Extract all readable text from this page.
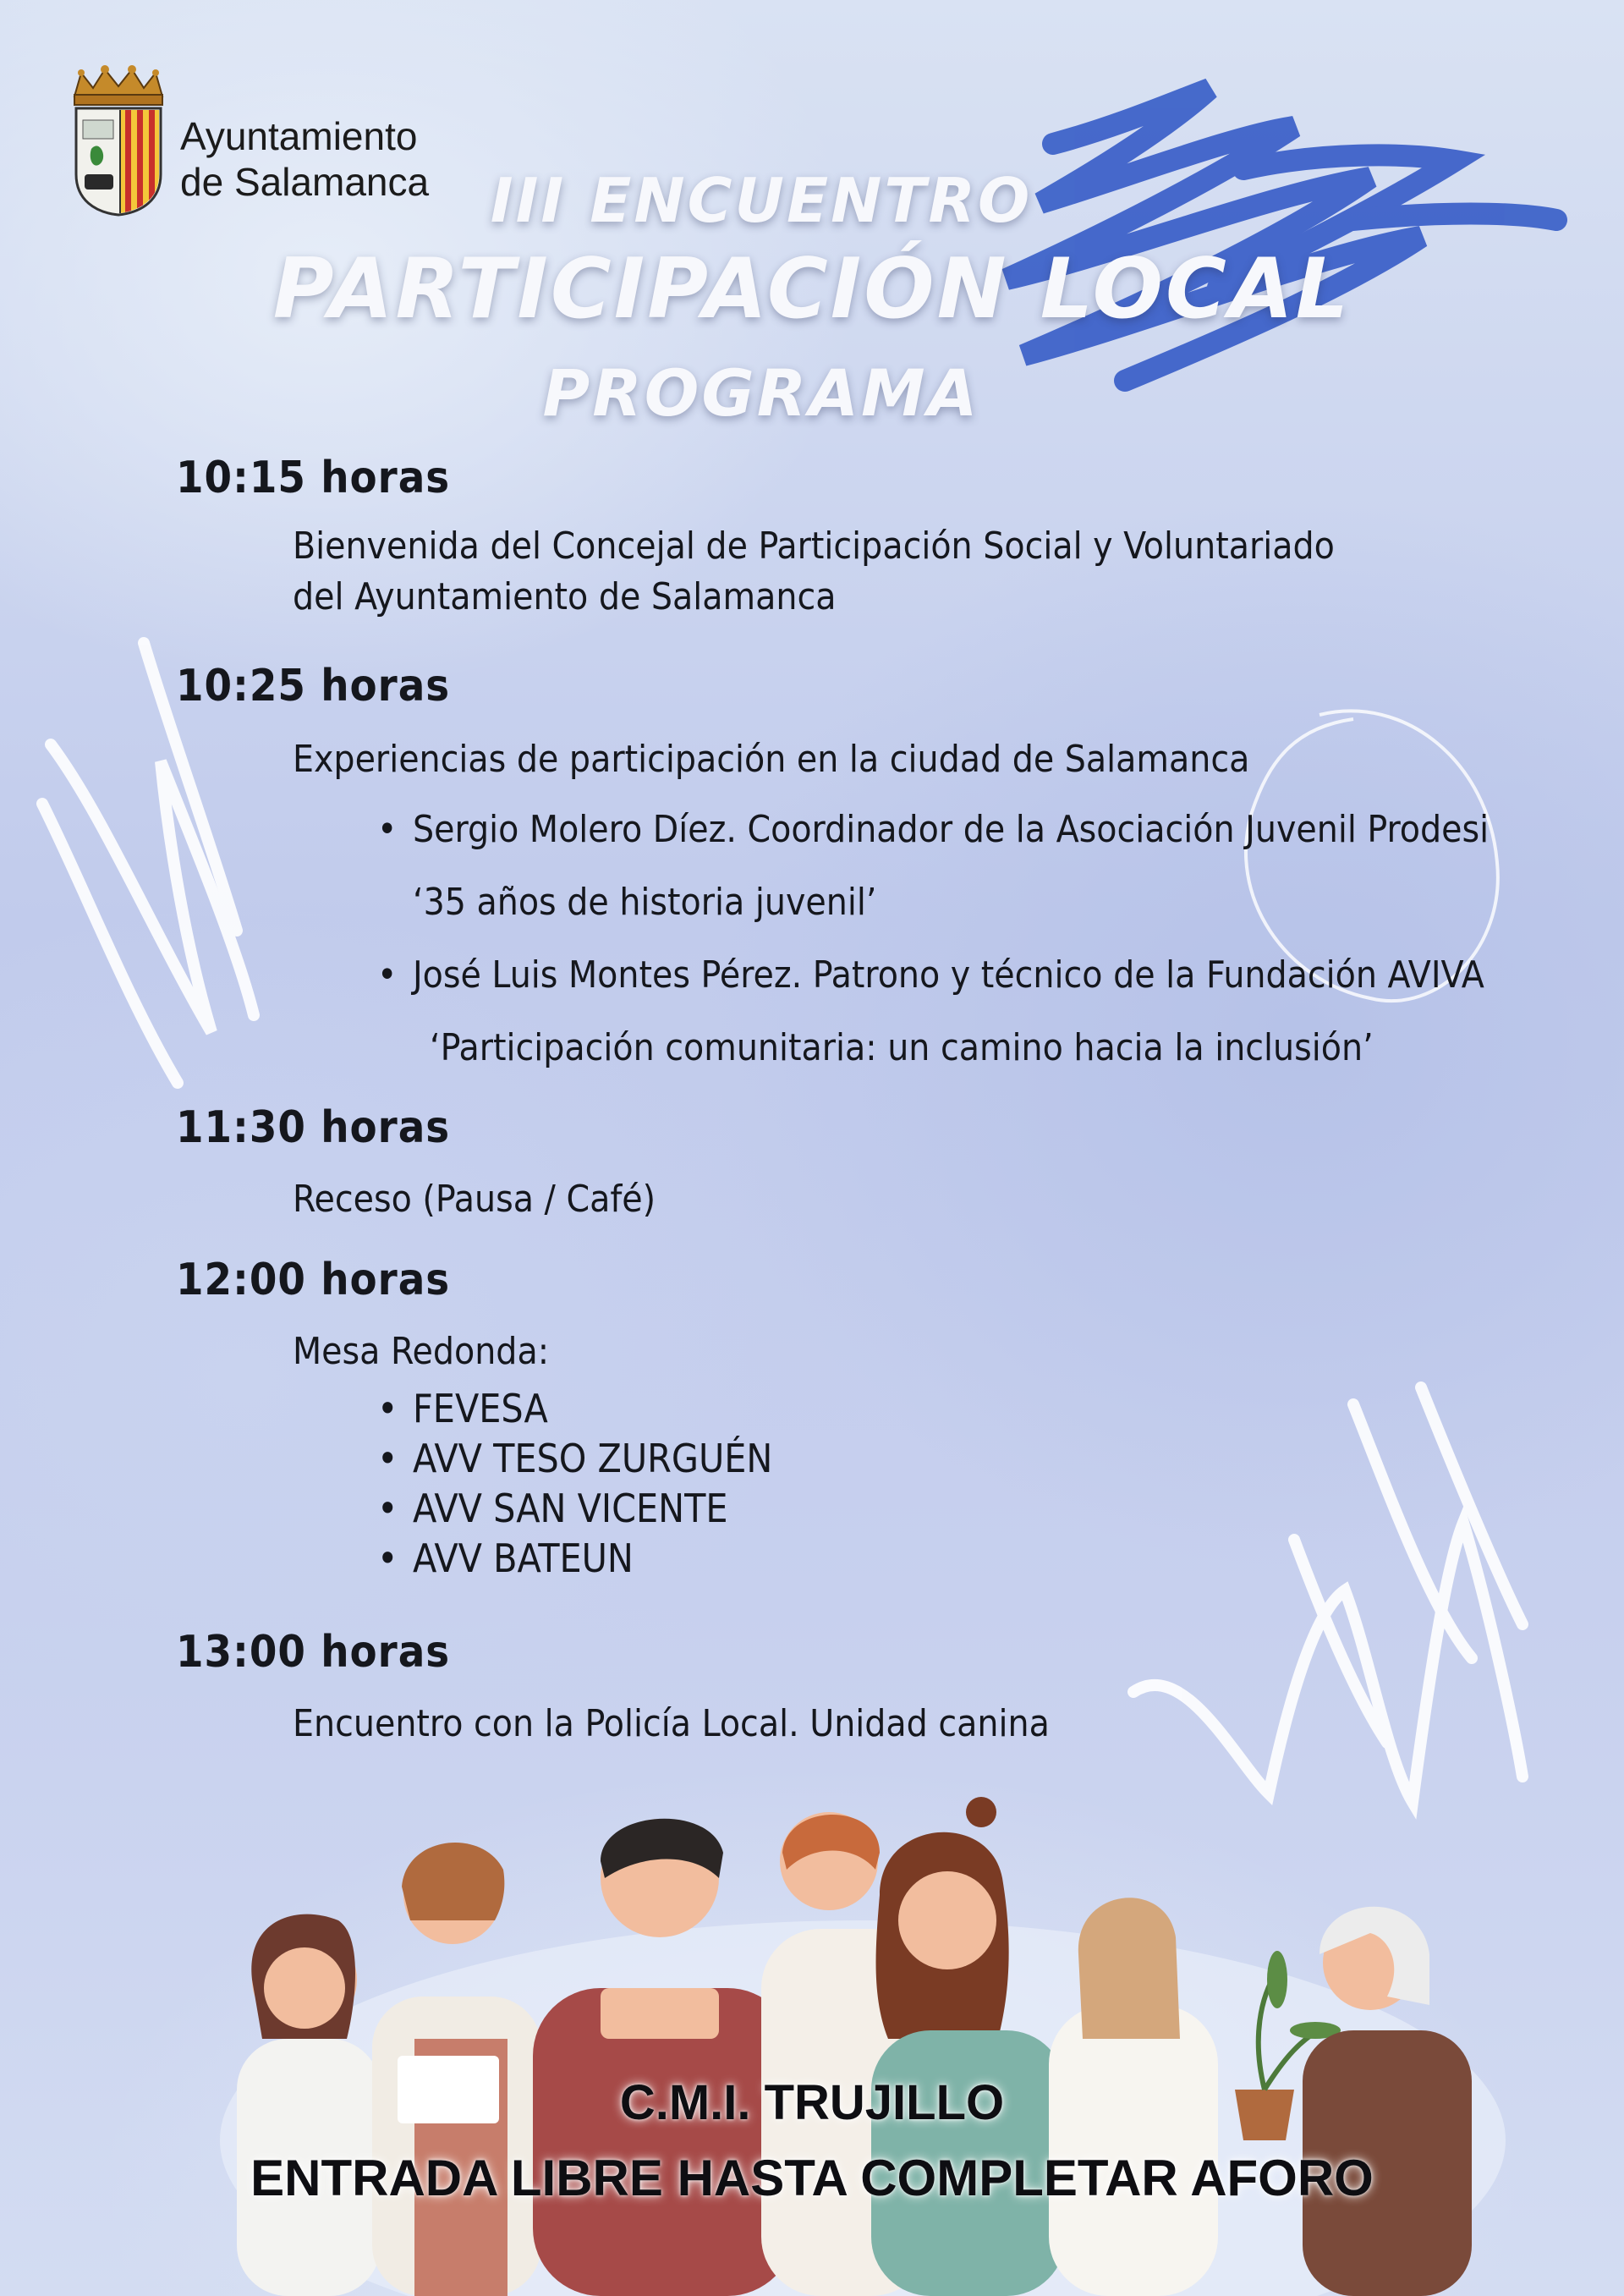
Ayuntamiento
de Salamanca	III ENCUENTRO
PARTICIPACIÓN LOCAL
PROGRAMA
10:15 horas
Bienvenida del Concejal de Participación Social y Voluntariado
del Ayuntamiento de Salamanca
10:25 horas
Experiencias de participación en la ciudad de Salamanca
• Sergio Molero Díez. Coordinador de la Asociación Juvenil Prodesi
‘35 años de historia juvenil’
• José Luis Montes Pérez. Patrono y técnico de la Fundación AVIVA
‘Participación comunitaria: un camino hacia la inclusión’
11:30 horas
Receso (Pausa / Café)
12:00 horas
Mesa Redonda:
• FEVESA
• AVV TESO ZURGUÉN
• AVV SAN VICENTE
• AVV BATEUN
13:00 horas
Encuentro con la Policía Local. Unidad canina
C.M.I. TRUJILLO
ENTRADA LIBRE HASTA COMPLETAR AFORO
